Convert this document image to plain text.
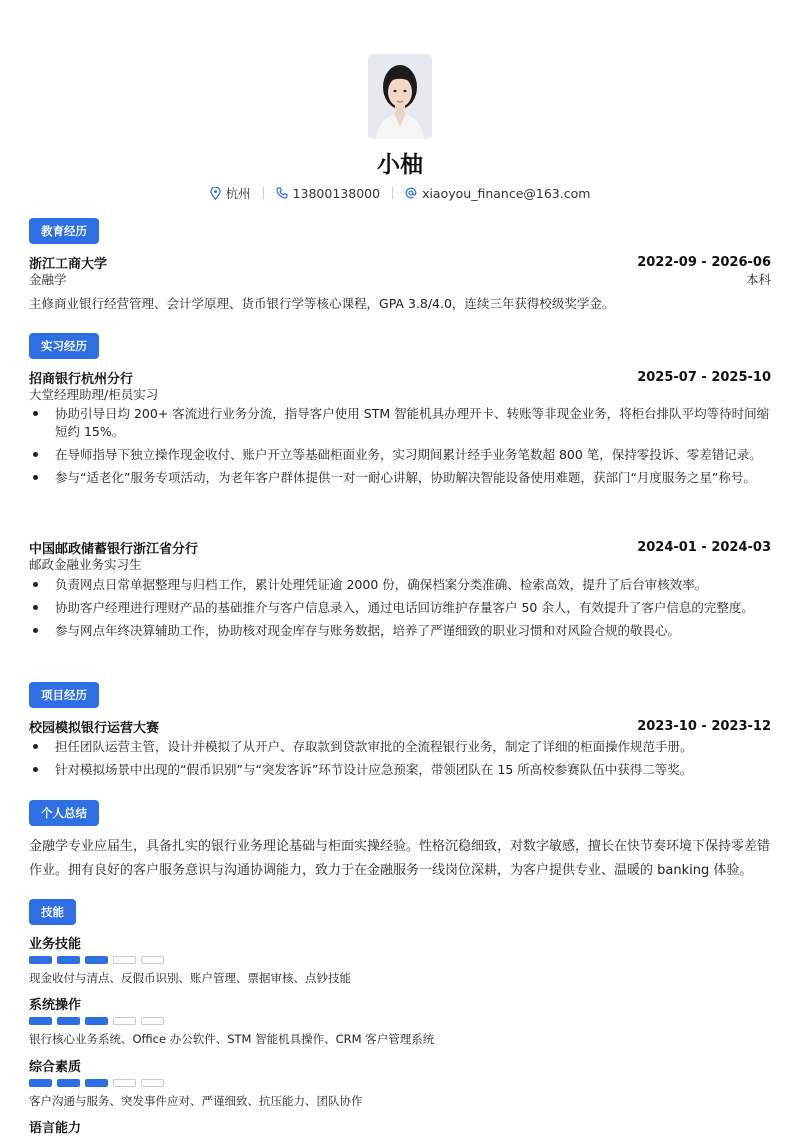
小柚
杭州	13800138000	xiaoyou_finance@163.com
教育经历
浙江工商大学	2022-09 - 2026-06
金融学	本科
主修商业银行经营管理、会计学原理、货币银行学等核心课程，GPA 3.8/4.0，连续三年获得校级奖学金。
实习经历
招商银行杭州分行	2025-07 - 2025-10
大堂经理助理/柜员实习
协助引导日均 200+ 客流进行业务分流，指导客户使用 STM 智能机具办理开卡、转账等非现金业务，将柜台排队平均等待时间缩短约 15%。
在导师指导下独立操作现金收付、账户开立等基础柜面业务，实习期间累计经手业务笔数超 800 笔，保持零投诉、零差错记录。
参与“适老化”服务专项活动，为老年客户群体提供一对一耐心讲解，协助解决智能设备使用难题，获部门“月度服务之星”称号。
中国邮政储蓄银行浙江省分行	2024-01 - 2024-03
邮政金融业务实习生
负责网点日常单据整理与归档工作，累计处理凭证逾 2000 份，确保档案分类准确、检索高效，提升了后台审核效率。
协助客户经理进行理财产品的基础推介与客户信息录入，通过电话回访维护存量客户 50 余人，有效提升了客户信息的完整度。
参与网点年终决算辅助工作，协助核对现金库存与账务数据，培养了严谨细致的职业习惯和对风险合规的敬畏心。
项目经历
校园模拟银行运营大赛	2023-10 - 2023-12
担任团队运营主管，设计并模拟了从开户、存取款到贷款审批的全流程银行业务，制定了详细的柜面操作规范手册。
针对模拟场景中出现的“假币识别”与“突发客诉”环节设计应急预案，带领团队在 15 所高校参赛队伍中获得二等奖。
个人总结
金融学专业应届生，具备扎实的银行业务理论基础与柜面实操经验。性格沉稳细致，对数字敏感，擅长在快节奏环境下保持零差错作业。拥有良好的客户服务意识与沟通协调能力，致力于在金融服务一线岗位深耕，为客户提供专业、温暖的 banking 体验。
技能
业务技能
现金收付与清点、反假币识别、账户管理、票据审核、点钞技能
系统操作
银行核心业务系统、Office 办公软件、STM 智能机具操作、CRM 客户管理系统
综合素质
客户沟通与服务、突发事件应对、严谨细致、抗压能力、团队协作
语言能力
